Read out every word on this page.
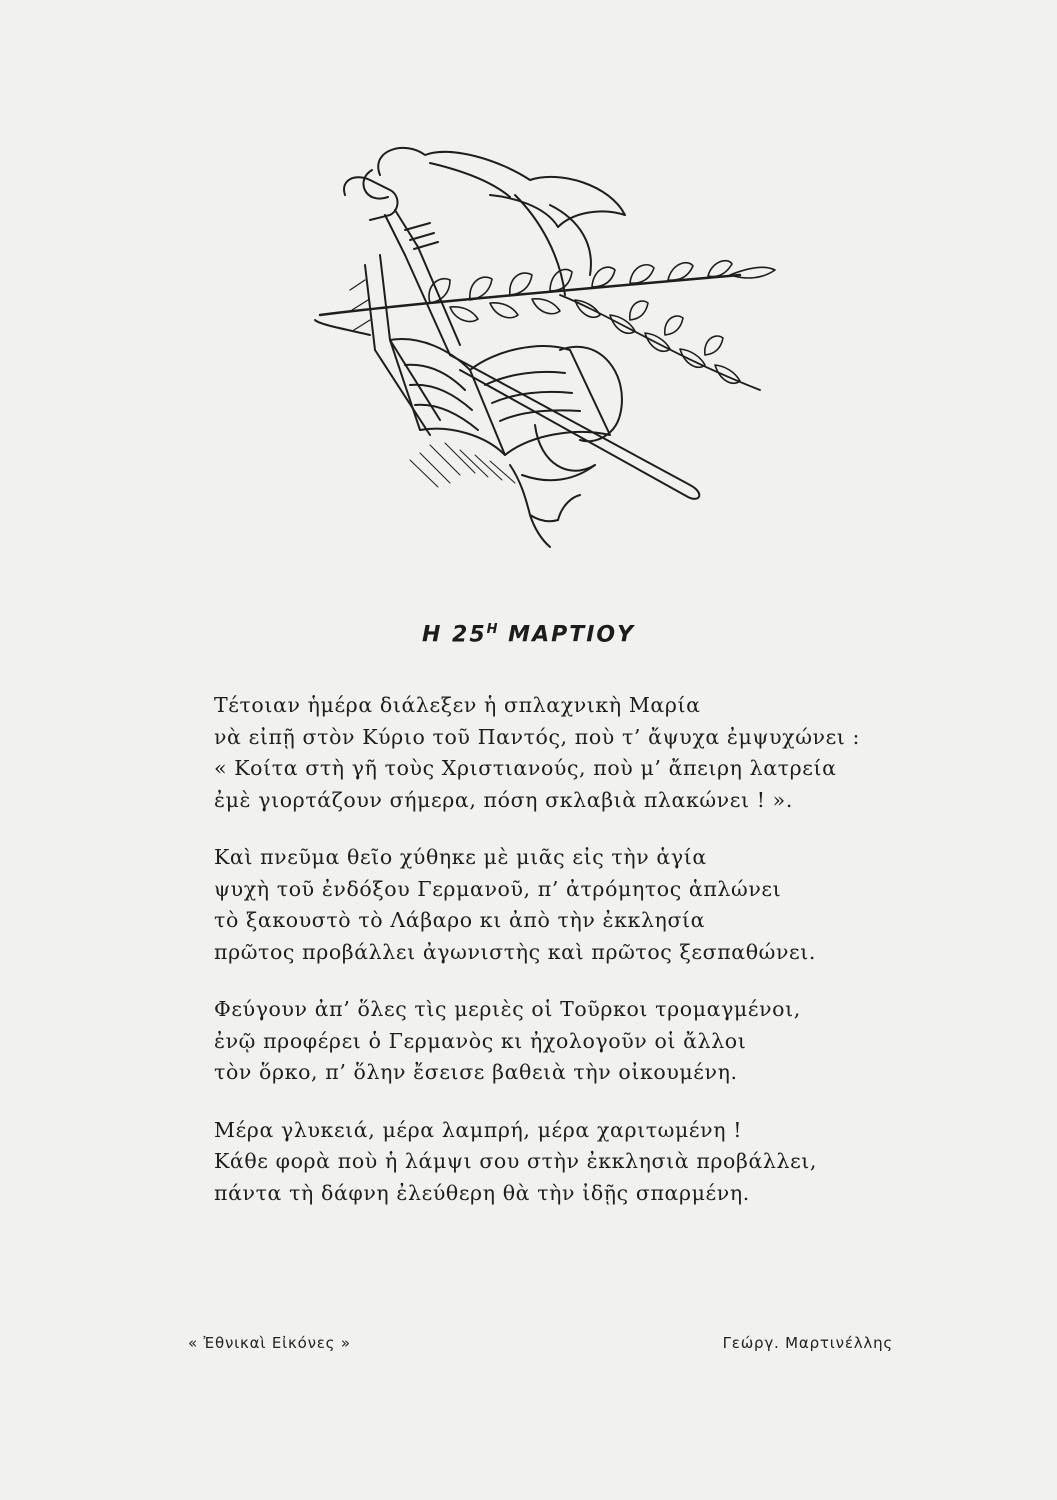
Η $25^H$ ΜΑΡΤΙΟΥ
Τέτοιαν ἡμέρα διάλεξεν ἡ σπλαχνικὴ Μαρία
νὰ εἰπῇ στὸν Κύριο τοῦ Παντός, ποὺ τ’ ἄψυχα ἐμψυχώνει :
« Κοίτα στὴ γῆ τοὺς Χριστιανούς, ποὺ μ’ ἄπειρη λατρεία
ἐμὲ γιορτάζουν σήμερα, πόση σκλαβιὰ πλακώνει ! ».
Καὶ πνεῦμα θεῖο χύθηκε μὲ μιᾶς εἰς τὴν ἁγία
ψυχὴ τοῦ ἐνδόξου Γερμανοῦ, π’ ἀτρόμητος ἁπλώνει
τὸ ξακουστὸ τὸ Λάβαρο κι ἀπὸ τὴν ἐκκλησία
πρῶτος προβάλλει ἀγωνιστὴς καὶ πρῶτος ξεσπαθώνει.
Φεύγουν ἀπ’ ὅλες τὶς μεριὲς οἱ Τοῦρκοι τρομαγμένοι,
ἐνῷ προφέρει ὁ Γερμανὸς κι ἠχολογοῦν οἱ ἄλλοι
τὸν ὅρκο, π’ ὅλην ἔσεισε βαθειὰ τὴν οἰκουμένη.
Μέρα γλυκειά, μέρα λαμπρή, μέρα χαριτωμένη !
Κάθε φορὰ ποὺ ἡ λάμψι σου στὴν ἐκκλησιὰ προβάλλει,
πάντα τὴ δάφνη ἐλεύθερη θὰ τὴν ἰδῇς σπαρμένη.
« Ἐθνικαὶ Εἰκόνες »	Γεώργ. Μαρτινέλλης
